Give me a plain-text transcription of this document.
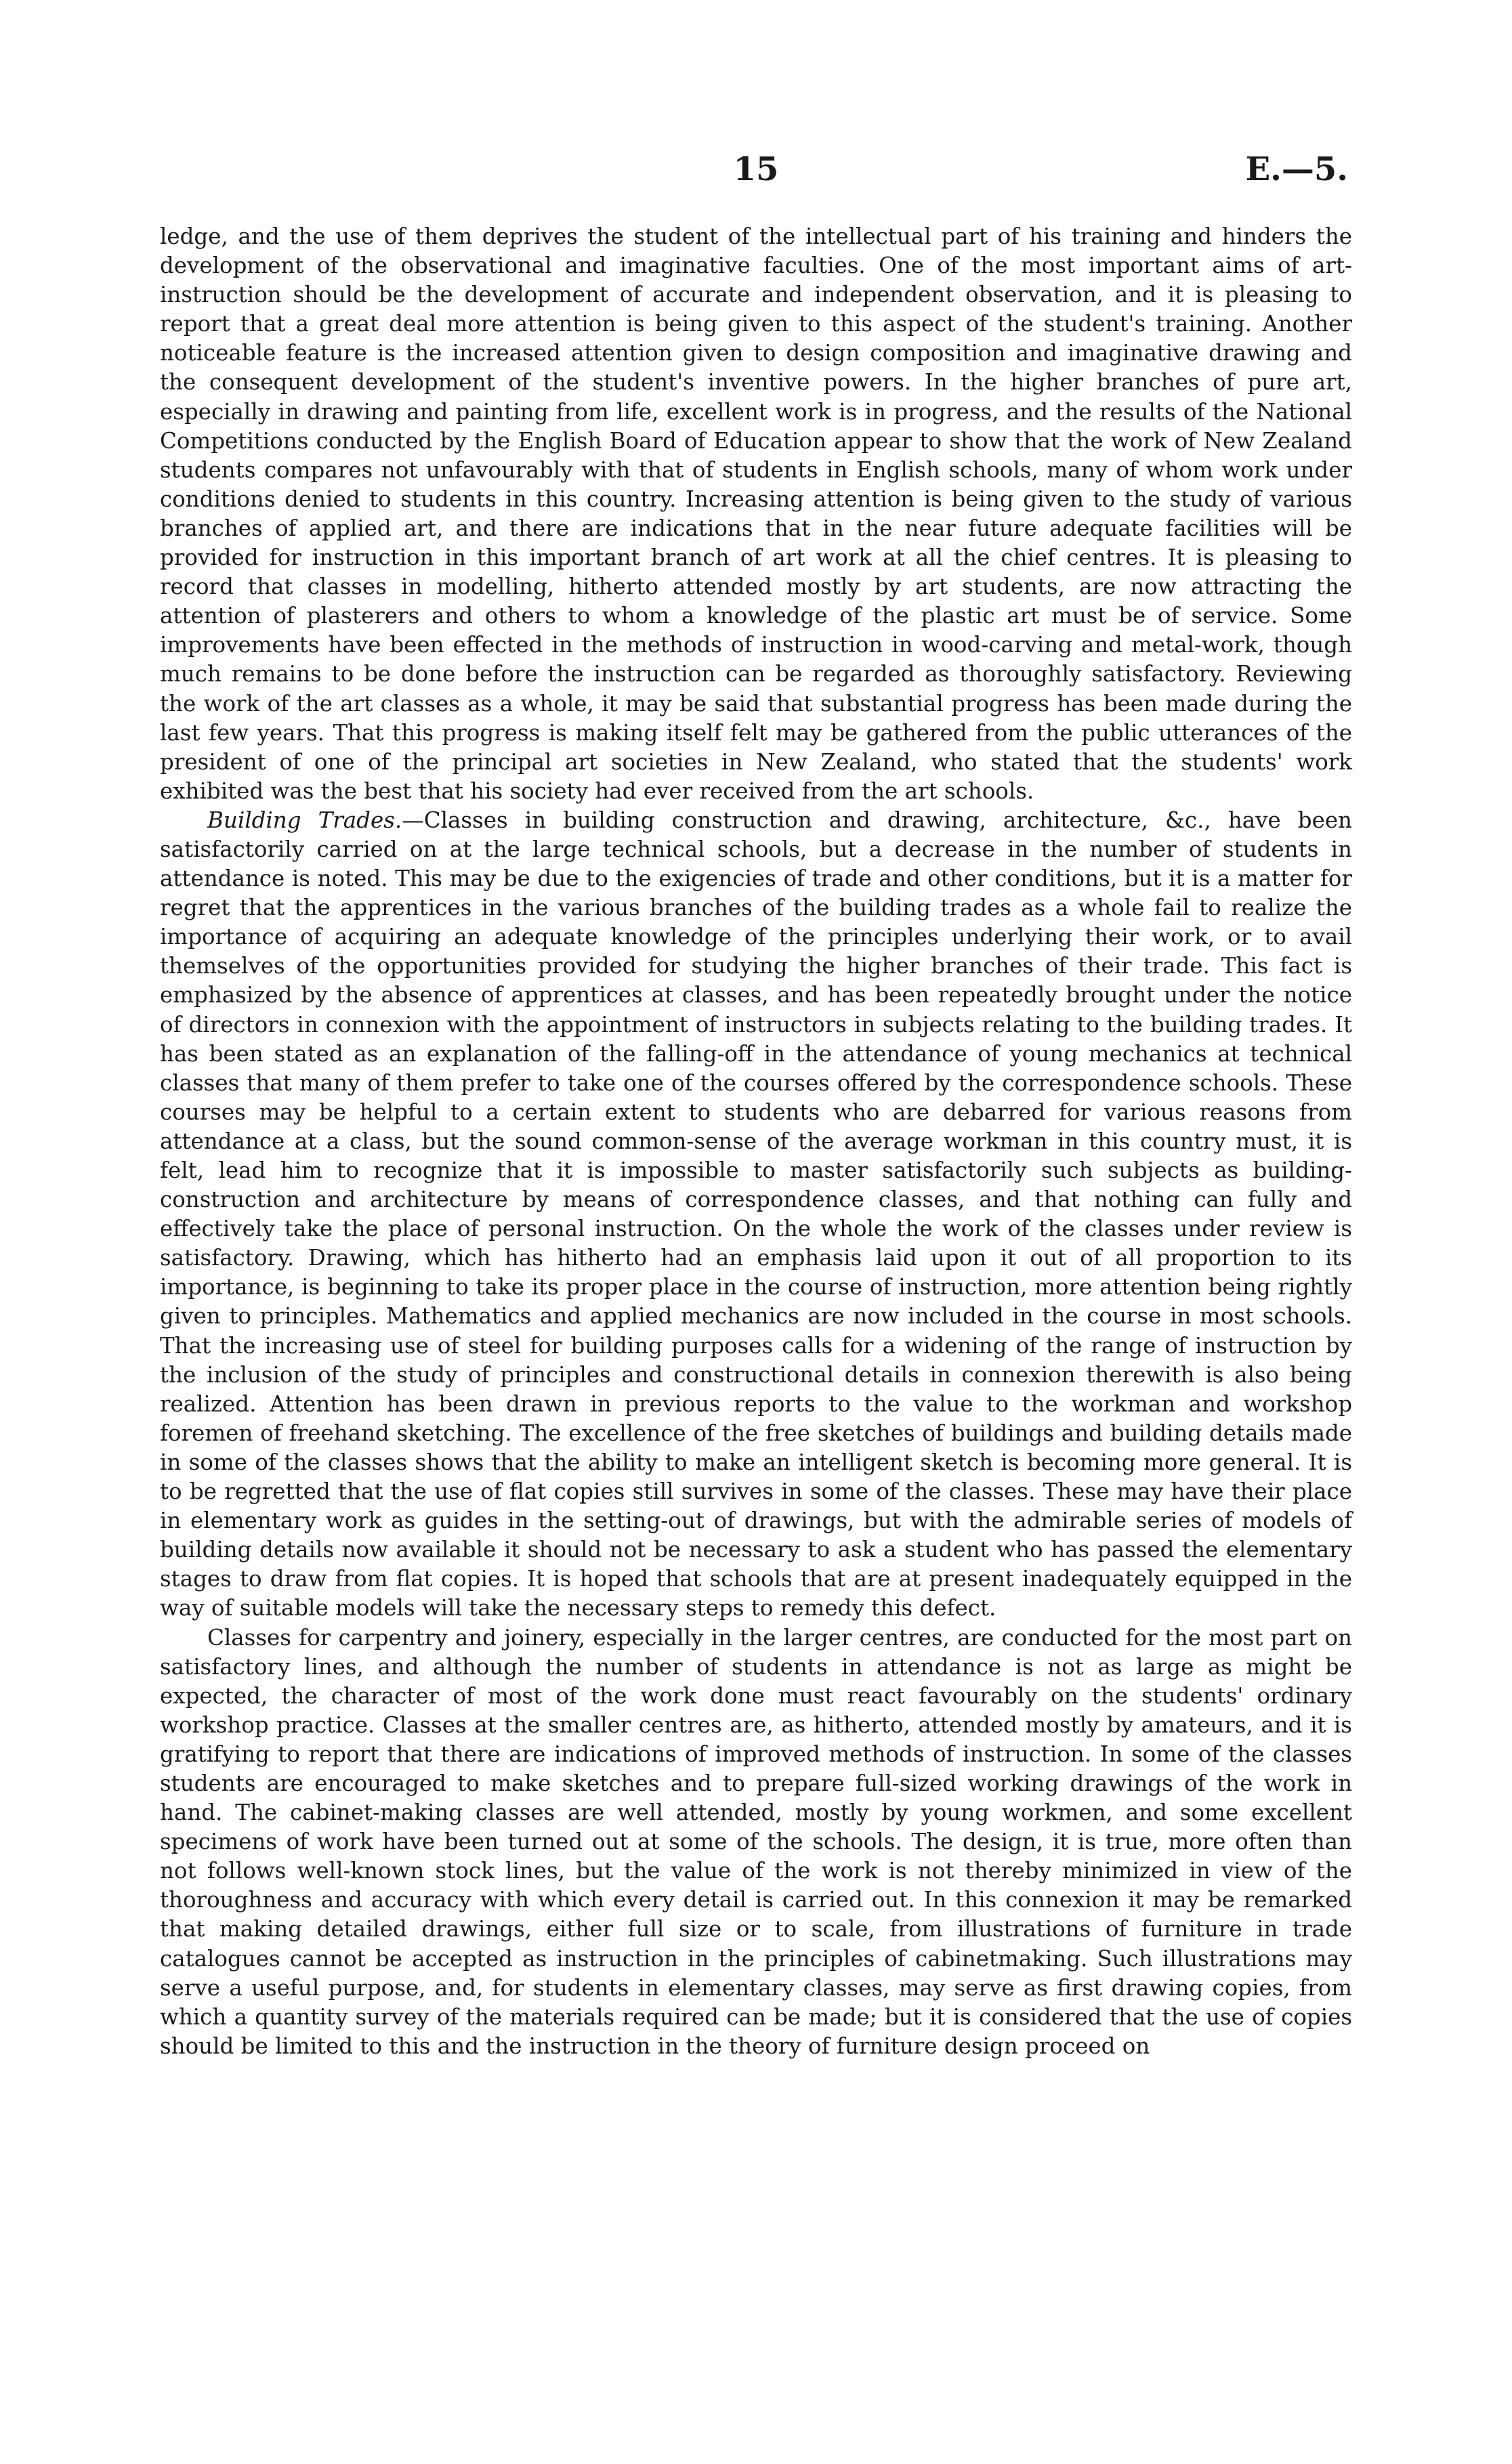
15	E.—5.

ledge, and the use of them deprives the student of the intellectual part of his training and hinders the development of the observational and imaginative faculties. One of the most important aims of art-instruction should be the development of accurate and independent observation, and it is pleasing to report that a great deal more attention is being given to this aspect of the student's training. Another noticeable feature is the increased attention given to design composition and imaginative drawing and the consequent development of the student's inventive powers. In the higher branches of pure art, especially in drawing and painting from life, excellent work is in progress, and the results of the National Competitions conducted by the English Board of Education appear to show that the work of New Zealand students compares not unfavourably with that of students in English schools, many of whom work under conditions denied to students in this country. Increasing attention is being given to the study of various branches of applied art, and there are indications that in the near future adequate facilities will be provided for instruction in this important branch of art work at all the chief centres. It is pleasing to record that classes in modelling, hitherto attended mostly by art students, are now attracting the attention of plasterers and others to whom a knowledge of the plastic art must be of service. Some improvements have been effected in the methods of instruction in wood-carving and metal-work, though much remains to be done before the instruction can be regarded as thoroughly satisfactory. Reviewing the work of the art classes as a whole, it may be said that substantial progress has been made during the last few years. That this progress is making itself felt may be gathered from the public utterances of the president of one of the principal art societies in New Zealand, who stated that the students' work exhibited was the best that his society had ever received from the art schools.

Building Trades.—Classes in building construction and drawing, architecture, &c., have been satisfactorily carried on at the large technical schools, but a decrease in the number of students in attendance is noted. This may be due to the exigencies of trade and other conditions, but it is a matter for regret that the apprentices in the various branches of the building trades as a whole fail to realize the importance of acquiring an adequate knowledge of the principles underlying their work, or to avail themselves of the opportunities provided for studying the higher branches of their trade. This fact is emphasized by the absence of apprentices at classes, and has been repeatedly brought under the notice of directors in connexion with the appointment of instructors in subjects relating to the building trades. It has been stated as an explanation of the falling-off in the attendance of young mechanics at technical classes that many of them prefer to take one of the courses offered by the correspondence schools. These courses may be helpful to a certain extent to students who are debarred for various reasons from attendance at a class, but the sound common-sense of the average workman in this country must, it is felt, lead him to recognize that it is impossible to master satisfactorily such subjects as building-construction and architecture by means of correspondence classes, and that nothing can fully and effectively take the place of personal instruction. On the whole the work of the classes under review is satisfactory. Drawing, which has hitherto had an emphasis laid upon it out of all proportion to its importance, is beginning to take its proper place in the course of instruction, more attention being rightly given to principles. Mathematics and applied mechanics are now included in the course in most schools. That the increasing use of steel for building purposes calls for a widening of the range of instruction by the inclusion of the study of principles and constructional details in connexion therewith is also being realized. Attention has been drawn in previous reports to the value to the workman and workshop foremen of freehand sketching. The excellence of the free sketches of buildings and building details made in some of the classes shows that the ability to make an intelligent sketch is becoming more general. It is to be regretted that the use of flat copies still survives in some of the classes. These may have their place in elementary work as guides in the setting-out of drawings, but with the admirable series of models of building details now available it should not be necessary to ask a student who has passed the elementary stages to draw from flat copies. It is hoped that schools that are at present inadequately equipped in the way of suitable models will take the necessary steps to remedy this defect.

Classes for carpentry and joinery, especially in the larger centres, are conducted for the most part on satisfactory lines, and although the number of students in attendance is not as large as might be expected, the character of most of the work done must react favourably on the students' ordinary workshop practice. Classes at the smaller centres are, as hitherto, attended mostly by amateurs, and it is gratifying to report that there are indications of improved methods of instruction. In some of the classes students are encouraged to make sketches and to prepare full-sized working drawings of the work in hand. The cabinet-making classes are well attended, mostly by young workmen, and some excellent specimens of work have been turned out at some of the schools. The design, it is true, more often than not follows well-known stock lines, but the value of the work is not thereby minimized in view of the thoroughness and accuracy with which every detail is carried out. In this connexion it may be remarked that making detailed drawings, either full size or to scale, from illustrations of furniture in trade catalogues cannot be accepted as instruction in the principles of cabinetmaking. Such illustrations may serve a useful purpose, and, for students in elementary classes, may serve as first drawing copies, from which a quantity survey of the materials required can be made; but it is considered that the use of copies should be limited to this and the instruction in the theory of furniture design proceed on
